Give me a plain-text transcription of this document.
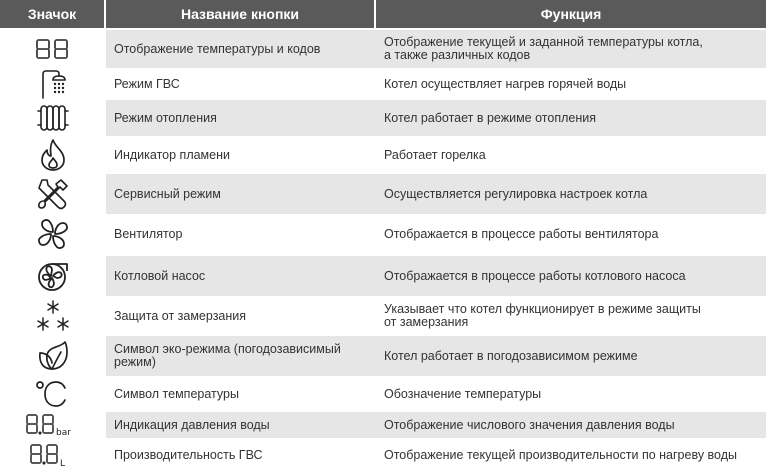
Значок	Название кнопки	Функция
Отображение температуры и кодов	Отображение текущей и заданной температуры котла,
а также различных кодов
Режим ГВС	Котел осуществляет нагрев горячей воды
Режим отопления	Котел работает в режиме отопления
Индикатор пламени	Работает горелка
Сервисный режим	Осуществляется регулировка настроек котла
Вентилятор	Отображается в процессе работы вентилятора
Котловой насос	Отображается в процессе работы котлового насоса
Защита от замерзания	Указывает что котел функционирует в режиме защиты
от замерзания
Символ эко-режима (погодозависимый режим)	Котел работает в погодозависимом режиме
Символ температуры	Обозначение температуры
bar
Индикация давления воды	Отображение числового значения давления воды
L
Производительность ГВС	Отображение текущей производительности по нагреву воды
